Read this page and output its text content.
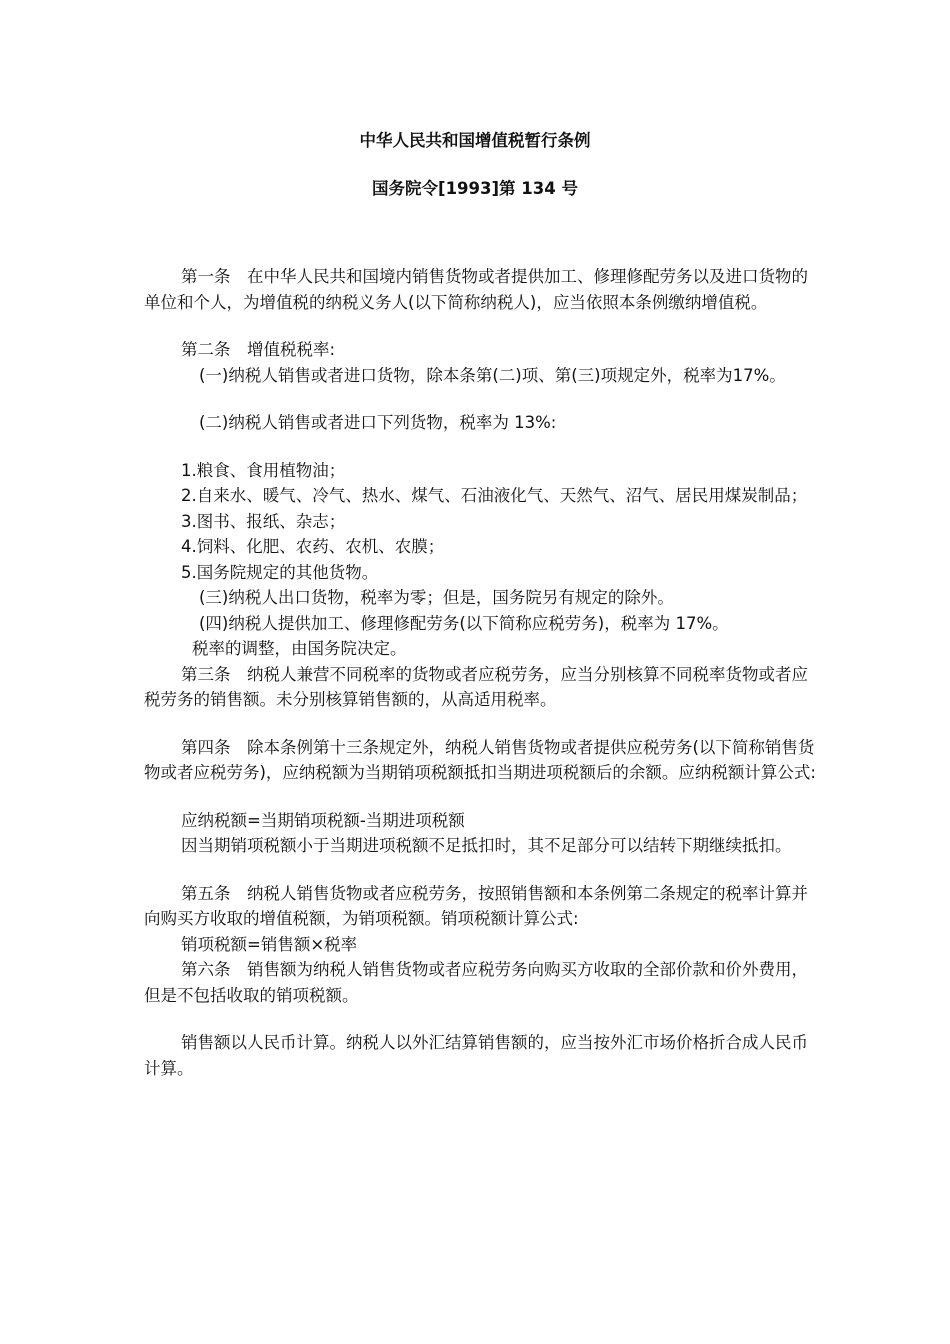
中华人民共和国增值税暂行条例
国务院令[1993]第 134 号

第一条　在中华人民共和国境内销售货物或者提供加工、修理修配劳务以及进口货物的单位和个人，为增值税的纳税义务人(以下简称纳税人)，应当依照本条例缴纳增值税。

第二条　增值税税率:

(一)纳税人销售或者进口货物，除本条第(二)项、第(三)项规定外，税率为17%。

(二)纳税人销售或者进口下列货物，税率为 13%:

1.粮食、食用植物油；

2.自来水、暖气、冷气、热水、煤气、石油液化气、天然气、沼气、居民用煤炭制品；

3.图书、报纸、杂志；

4.饲料、化肥、农药、农机、农膜；

5.国务院规定的其他货物。

(三)纳税人出口货物，税率为零；但是，国务院另有规定的除外。

(四)纳税人提供加工、修理修配劳务(以下简称应税劳务)，税率为 17%。

税率的调整，由国务院决定。

第三条　纳税人兼营不同税率的货物或者应税劳务，应当分别核算不同税率货物或者应税劳务的销售额。未分别核算销售额的，从高适用税率。

第四条　除本条例第十三条规定外，纳税人销售货物或者提供应税劳务(以下简称销售货物或者应税劳务)，应纳税额为当期销项税额抵扣当期进项税额后的余额。应纳税额计算公式:

应纳税额=当期销项税额-当期进项税额

因当期销项税额小于当期进项税额不足抵扣时，其不足部分可以结转下期继续抵扣。

第五条　纳税人销售货物或者应税劳务，按照销售额和本条例第二条规定的税率计算并向购买方收取的增值税额，为销项税额。销项税额计算公式:

销项税额=销售额×税率

第六条　销售额为纳税人销售货物或者应税劳务向购买方收取的全部价款和价外费用，但是不包括收取的销项税额。

销售额以人民币计算。纳税人以外汇结算销售额的，应当按外汇市场价格折合成人民币计算。
